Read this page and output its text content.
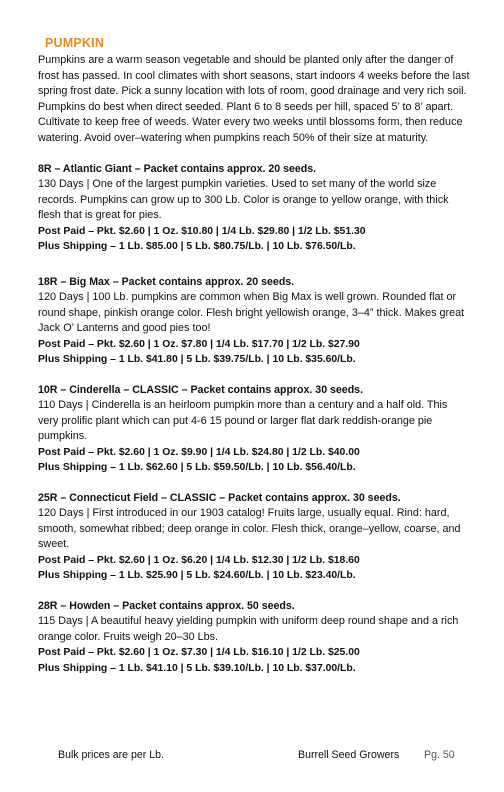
PUMPKIN

Pumpkins are a warm season vegetable and should be planted only after the danger of frost has passed. In cool climates with short seasons, start indoors 4 weeks before the last spring frost date. Pick a sunny location with lots of room, good drainage and very rich soil. Pumpkins do best when direct seeded. Plant 6 to 8 seeds per hill, spaced 5’ to 8’ apart. Cultivate to keep free of weeds. Water every two weeks until blossoms form, then reduce watering. Avoid over–watering when pumpkins reach 50% of their size at maturity.

8R – Atlantic Giant – Packet contains approx. 20 seeds.

130 Days | One of the largest pumpkin varieties. Used to set many of the world size records. Pumpkins can grow up to 300 Lb. Color is orange to yellow orange, with thick flesh that is great for pies.

Post Paid – Pkt. $2.60 | 1 Oz. $10.80 | 1/4 Lb. $29.80 | 1/2 Lb. $51.30

Plus Shipping – 1 Lb. $85.00 | 5 Lb. $80.75/Lb. | 10 Lb. $76.50/Lb.

18R – Big Max – Packet contains approx. 20 seeds.

120 Days | 100 Lb. pumpkins are common when Big Max is well grown. Rounded flat or round shape, pinkish orange color. Flesh bright yellowish orange, 3–4” thick. Makes great Jack O’ Lanterns and good pies too!

Post Paid – Pkt. $2.60 | 1 Oz. $7.80 | 1/4 Lb. $17.70 | 1/2 Lb. $27.90

Plus Shipping – 1 Lb. $41.80 | 5 Lb. $39.75/Lb. | 10 Lb. $35.60/Lb.

10R – Cinderella – CLASSIC – Packet contains approx. 30 seeds.

110 Days | Cinderella is an heirloom pumpkin more than a century and a half old. This very prolific plant which can put 4-6 15 pound or larger flat dark reddish-orange pie pumpkins.

Post Paid – Pkt. $2.60 | 1 Oz. $9.90 | 1/4 Lb. $24.80 | 1/2 Lb. $40.00

Plus Shipping – 1 Lb. $62.60 | 5 Lb. $59.50/Lb. | 10 Lb. $56.40/Lb.

25R – Connecticut Field – CLASSIC – Packet contains approx. 30 seeds.

120 Days | First introduced in our 1903 catalog! Fruits large, usually equal. Rind: hard, smooth, somewhat ribbed; deep orange in color. Flesh thick, orange–yellow, coarse, and sweet.

Post Paid – Pkt. $2.60 | 1 Oz. $6.20 | 1/4 Lb. $12.30 | 1/2 Lb. $18.60

Plus Shipping – 1 Lb. $25.90 | 5 Lb. $24.60/Lb. | 10 Lb. $23.40/Lb.

28R – Howden – Packet contains approx. 50 seeds.

115 Days | A beautiful heavy yielding pumpkin with uniform deep round shape and a rich orange color. Fruits weigh 20–30 Lbs.

Post Paid – Pkt. $2.60 | 1 Oz. $7.30 | 1/4 Lb. $16.10 | 1/2 Lb. $25.00

Plus Shipping – 1 Lb. $41.10 | 5 Lb. $39.10/Lb. | 10 Lb. $37.00/Lb.

Bulk prices are per Lb.	Burrell Seed Growers Pg. 50
